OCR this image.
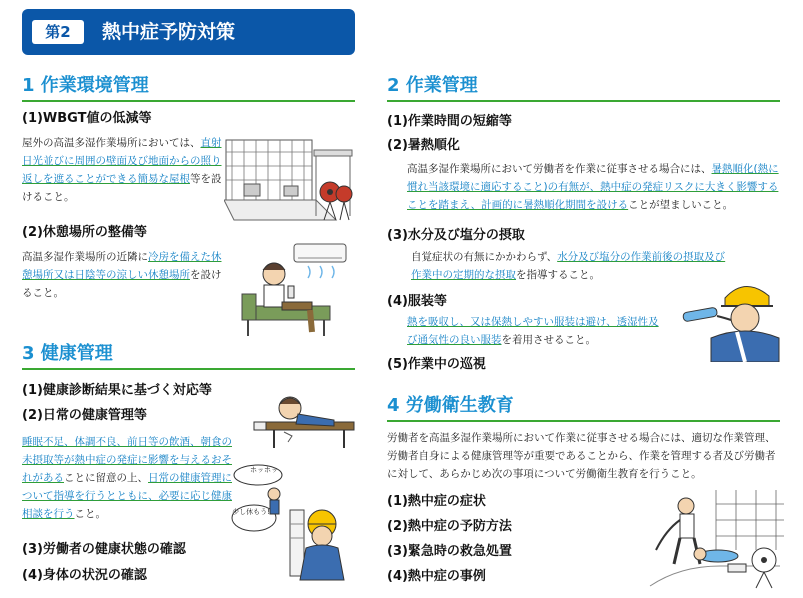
第2	熱中症予防対策
1 作業環境管理
(1)WBGT値の低減等
屋外の高温多湿作業場所においては、直射日光並びに周囲の壁面及び地面からの照り返しを遮ることができる簡易な屋根等を設けること。
(2)休憩場所の整備等
高温多湿作業場所の近隣に冷房を備えた休憩場所又は日陰等の涼しい休憩場所を設けること。
3 健康管理
(1)健康診断結果に基づく対応等
(2)日常の健康管理等
睡眠不足、体調不良、前日等の飲酒、朝食の未摂取等が熱中症の発症に影響を与えるおそれがあることに留意の上、日常の健康管理について指導を行うとともに、必要に応じ健康相談を行うこと。
ホッホッ
少し休もう!
(3)労働者の健康状態の確認
(4)身体の状況の確認
2 作業管理
(1)作業時間の短縮等
(2)暑熱順化
高温多湿作業場所において労働者を作業に従事させる場合には、暑熱順化(熱に慣れ当該環境に適応すること)の有無が、熱中症の発症リスクに大きく影響することを踏まえ、計画的に暑熱順化期間を設けることが望ましいこと。
(3)水分及び塩分の摂取
自覚症状の有無にかかわらず、水分及び塩分の作業前後の摂取及び作業中の定期的な摂取を指導すること。
(4)服装等
熱を吸収し、又は保熱しやすい服装は避け、透湿性及び通気性の良い服装を着用させること。
(5)作業中の巡視
4 労働衛生教育
労働者を高温多湿作業場所において作業に従事させる場合には、適切な作業管理、労働者自身による健康管理等が重要であることから、作業を管理する者及び労働者に対して、あらかじめ次の事項について労働衛生教育を行うこと。
(1)熱中症の症状
(2)熱中症の予防方法
(3)緊急時の救急処置
(4)熱中症の事例
